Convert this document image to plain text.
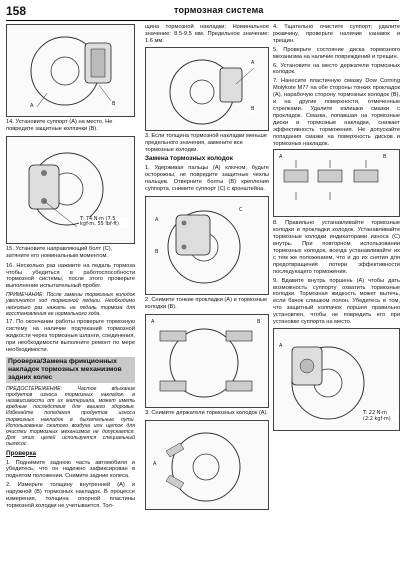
158	тормозная система
A	B
14. Установите суппорт (A) на место. Не повредите защитные колпачки (B).
T: 74 N·m (7.5 kgf·m, 55 lbf·ft)
15. Установите направляющий болт (C), затяните его номинальным моментом.

16. Несколько раз нажмите на педаль тормоза чтобы убедиться в работоспособности тормозной системы, после этого проверьте выполнение испытательный пробег.

ПРИМЕЧАНИЕ: После замены тормозных колодок увеличится ход тормозной педали. Необходимо несколько раз нажать на педаль тормоза для восстановления ее нормального хода.

17. По окончании работы проверьте тормозную систему на наличие подтеканий тормозной жидкости через тормозные шланги, соединения, при необходимости выполните ремонт по мере необходимости.

Проверка/Замена фрикционных накладок тормозных механизмов задних колес
ПРЕДОСТЕРЕЖЕНИЕ: Частое вдыхание продуктов износа тормозных накладок, в независимости от их материала, может иметь вредные последствия для вашего здоровья. Избегайте попадания продуктов износа тормозных накладок в дыхательные пути. Использование сжатого воздуха или щеток для очистки тормозных механизмов не допускается. Для этих целей используется специальный пылесос.
Проверка

1. Поднимите заднюю часть автомобиля и убедитесь, что он надежно зафиксирован в поднятом положении. Снимите задние колеса.

2. Измерьте толщину внутренней (A) и наружной (B) тормозных накладок. В процессе измерения, толщина опорной пластины тормозной колодки не учитывается. Тол-

щина тормозной накладки: Номинальное значение: 8.5-9.5 мм. Предельное значение: 1.6 мм.

A
B
3. Если толщина тормозной накладки меньше предельного значения, замените все тормозные колодки.
Замена тормозных колодок

1. Удерживая пальцы (A) ключом, будьте осторожны, не повредите защитные чехлы пальцев. Отверните болты (B) крепления суппорта, снимите суппорт (C) с кронштейна.

A
B
C
2. Снимите тонкие прокладки (A) и тормозные колодки (B).
A	B
3. Снимите держатели тормозных колодок (A).
A

4. Тщательно очистите суппорт; удалите ржавчину, проверьте наличие канавок и трещин.

5. Проверьте состояние диска тормозного механизма на наличие повреждений и трещин.

6. Установите на место держатели тормозных колодок.

7. Нанесите пластичную смазку Dow Corning Molykote M77 на обе стороны тонких прокладок (A), нарабочую сторону тормозных колодок (B), и на другие поверхности, отмеченные стрелками. Удалите излишки смазки с прокладок. Смазка, попавшая на тормозные диски и тормозные накладки, снижает эффективность торможения. Не допускайте попадания смазки на поверхность дисков и тормозных накладок.

A	B

8. Правильно устанавливайте тормозные колодки и прокладки колодок. Устанавливайте тормозные колодки индикаторами износа (C) внутрь. При повторном использовании тормозных колодок, всегда устанавливайте их с тем же положением, что и до их снятия для предотвращения потери эффективности последующего торможения.

9. Вдавите внутрь поршень (A) чтобы дать возможность суппорту охватить тормозные колодки. Тормозная жидкость может вытечь, если бачок слишком полон. Убедитесь в том, что защитный колпачок поршня правильно установлен, чтобы не повредить его при установке суппорта на место.

A
T: 22 N·m (2.2 kgf·m)
